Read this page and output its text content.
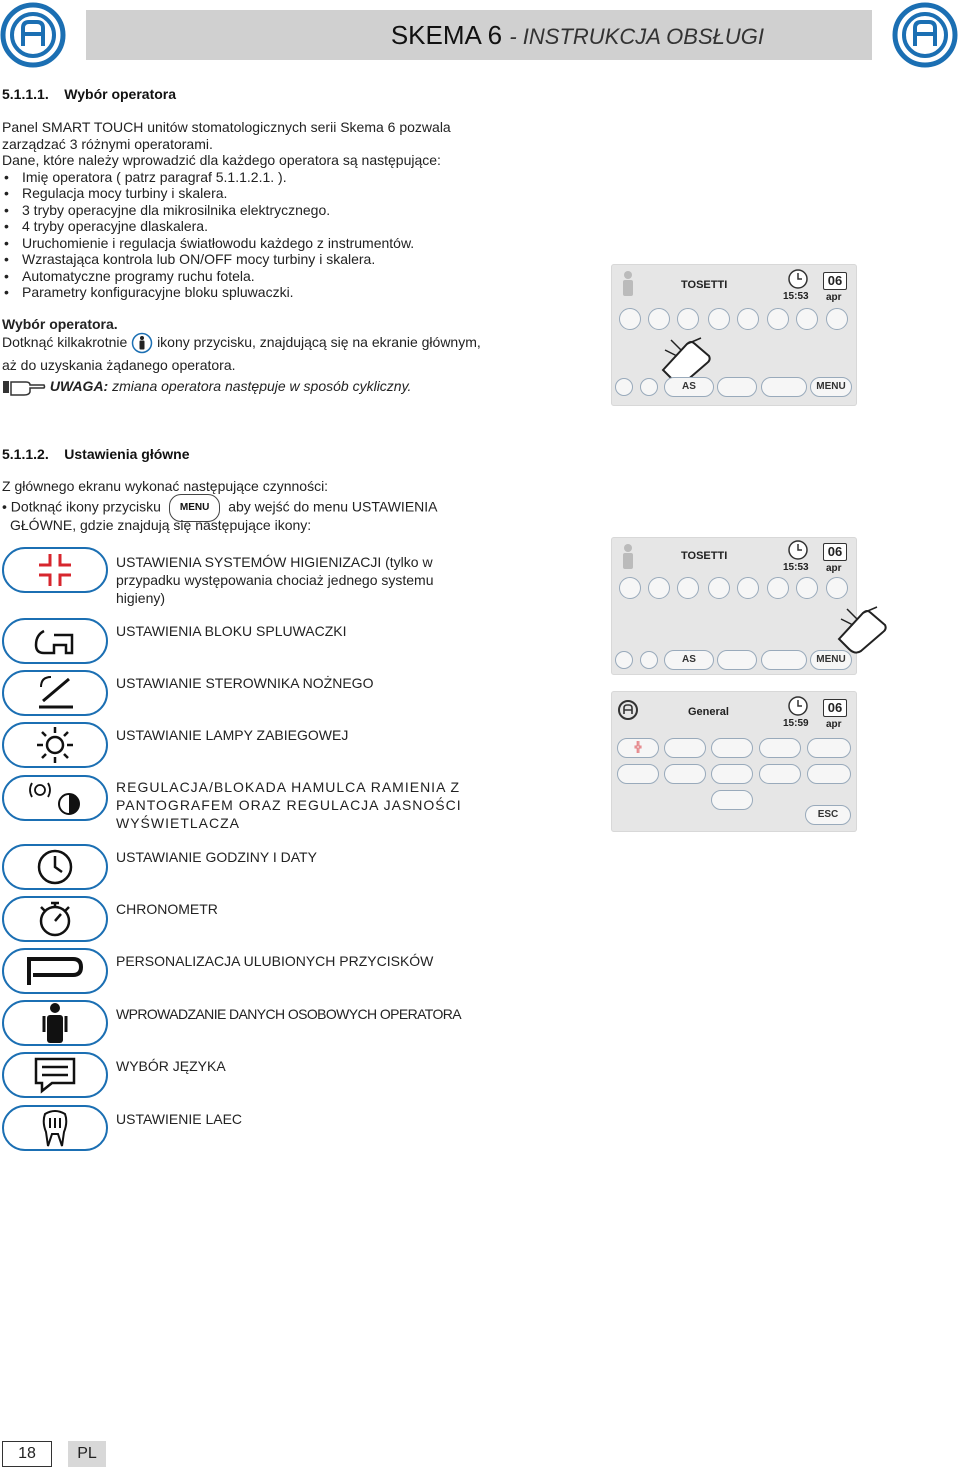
SKEMA 6 - INSTRUKCJA OBSŁUGI
5.1.1.1. Wybór operatora
Panel SMART TOUCH unitów stomatologicznych serii Skema 6 pozwala
zarządzać 3 różnymi operatorami.
Dane, które należy wprowadzić dla każdego operatora są następujące:
• Imię operatora ( patrz paragraf 5.1.1.2.1. ).
• Regulacja mocy turbiny i skalera.
• 3 tryby operacyjne dla mikrosilnika elektrycznego.
• 4 tryby operacyjne dlaskalera.
• Uruchomienie i regulacja światłowodu każdego z instrumentów.
• Wzrastająca kontrola lub ON/OFF mocy turbiny i skalera.
• Automatyczne programy ruchu fotela.
• Parametry konfiguracyjne bloku spluwaczki.
Wybór operatora.
Dotknąć kilkakrotnie ikony przycisku, znajdującą się na ekranie głównym,
aż do uzyskania żądanego operatora.
UWAGA: zmiana operatora następuje w sposób cykliczny.
TOSETTI
15:53
06
apr
AS	MENU
5.1.1.2. Ustawienia główne
Z głównego ekranu wykonać następujące czynności:
• Dotknąć ikony przycisku MENU aby wejść do menu USTAWIENIA
GŁÓWNE, gdzie znajdują się następujące ikony:
USTAWIENIA SYSTEMÓW HIGIENIZACJI (tylko w przypadku występowania chociaż jednego systemu higieny)
USTAWIENIA BLOKU SPLUWACZKI
USTAWIANIE STEROWNIKA NOŻNEGO
USTAWIANIE LAMPY ZABIEGOWEJ
REGULACJA/BLOKADA HAMULCA RAMIENIA Z PANTOGRAFEM ORAZ REGULACJA JASNOŚCI WYŚWIETLACZA
USTAWIANIE GODZINY I DATY
CHRONOMETR
PERSONALIZACJA ULUBIONYCH PRZYCISKÓW
WPROWADZANIE DANYCH OSOBOWYCH OPERATORA
WYBÓR JĘZYKA
USTAWIENIE LAEC
TOSETTI
15:53
06
apr
AS	MENU
General
15:59
06
apr
╬
ESC
18	PL
